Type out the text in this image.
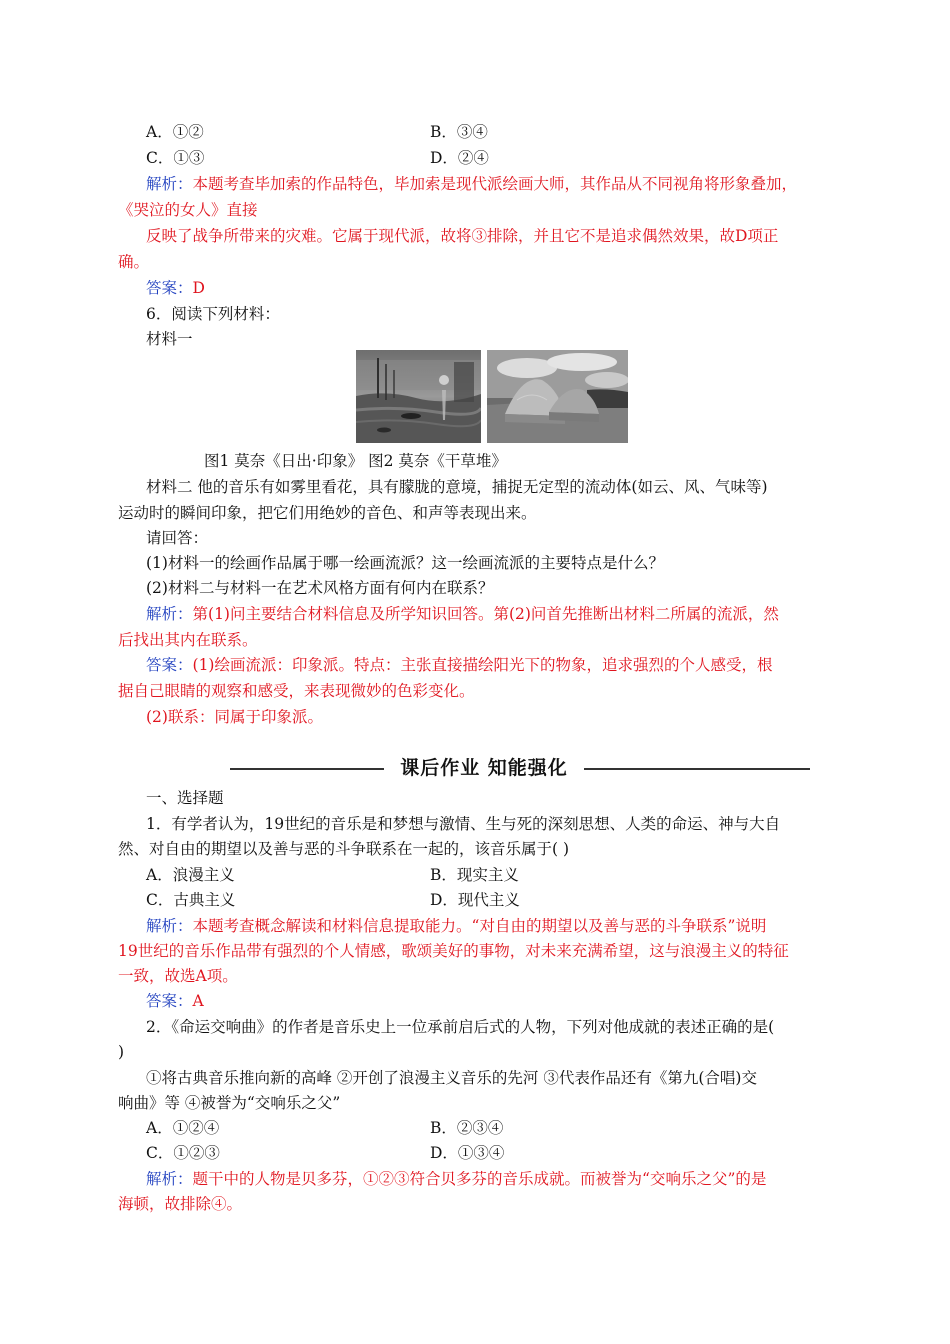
A．①②	B．③④
C．①③	D．②④
解析：本题考查毕加索的作品特色，毕加索是现代派绘画大师，其作品从不同视角将形象叠加，
《哭泣的女人》直接
反映了战争所带来的灾难。它属于现代派，故将③排除，并且它不是追求偶然效果，故D项正
确。
答案：D
6．阅读下列材料：
材料一
图1 莫奈《日出·印象》 图2 莫奈《干草堆》
材料二 他的音乐有如雾里看花，具有朦胧的意境，捕捉无定型的流动体(如云、风、气味等)
运动时的瞬间印象，把它们用绝妙的音色、和声等表现出来。
请回答：
(1)材料一的绘画作品属于哪一绘画流派？这一绘画流派的主要特点是什么？
(2)材料二与材料一在艺术风格方面有何内在联系？
解析：第(1)问主要结合材料信息及所学知识回答。第(2)问首先推断出材料二所属的流派，然
后找出其内在联系。
答案：(1)绘画流派：印象派。特点：主张直接描绘阳光下的物象，追求强烈的个人感受，根
据自己眼睛的观察和感受，来表现微妙的色彩变化。
(2)联系：同属于印象派。
课后作业 知能强化
一、选择题
1．有学者认为，19世纪的音乐是和梦想与激情、生与死的深刻思想、人类的命运、神与大自
然、对自由的期望以及善与恶的斗争联系在一起的，该音乐属于( )
A．浪漫主义	B．现实主义
C．古典主义	D．现代主义
解析：本题考查概念解读和材料信息提取能力。“对自由的期望以及善与恶的斗争联系”说明
19世纪的音乐作品带有强烈的个人情感，歌颂美好的事物，对未来充满希望，这与浪漫主义的特征
一致，故选A项。
答案：A
2．《命运交响曲》的作者是音乐史上一位承前启后式的人物，下列对他成就的表述正确的是(
)
①将古典音乐推向新的高峰 ②开创了浪漫主义音乐的先河 ③代表作品还有《第九(合唱)交
响曲》等 ④被誉为“交响乐之父”
A．①②④	B．②③④
C．①②③	D．①③④
解析：题干中的人物是贝多芬，①②③符合贝多芬的音乐成就。而被誉为“交响乐之父”的是
海顿，故排除④。
